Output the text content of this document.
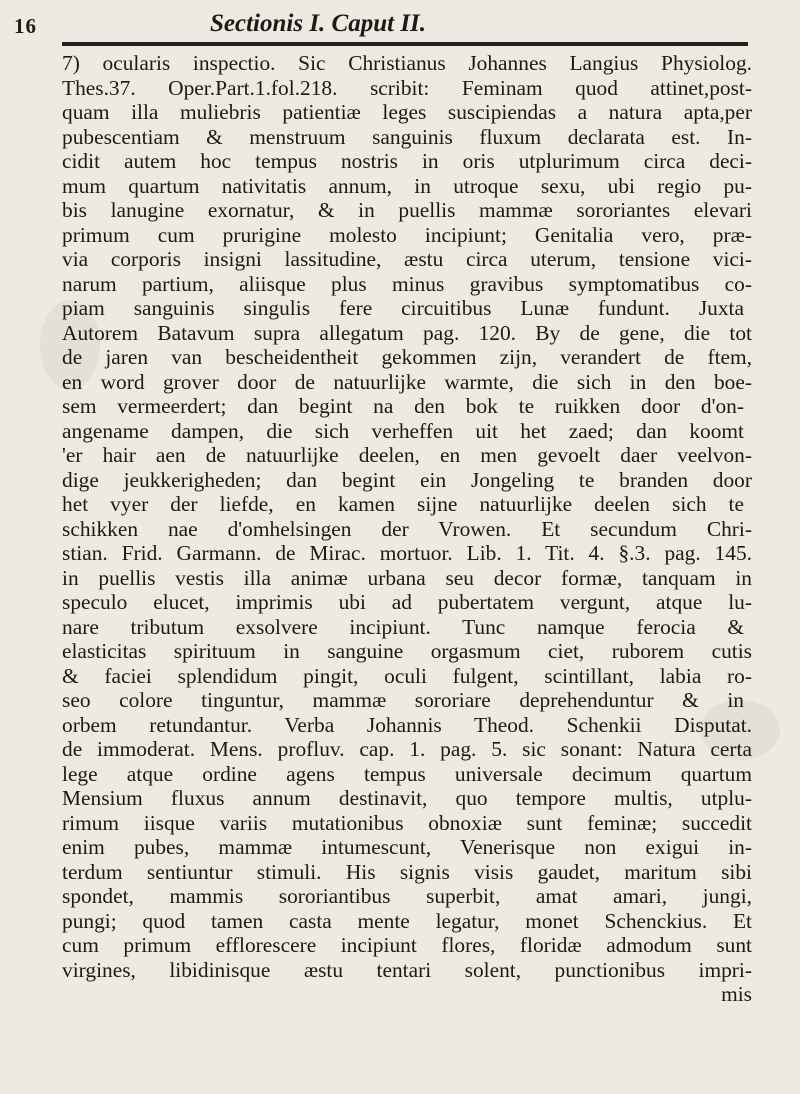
16	Sectionis I. Caput II.
7) ocularis inspectio. Sic Christianus Johannes Langius Physiolog.
Thes.37. Oper.Part.1.fol.218. scribit: Feminam quod attinet,post-
quam illa muliebris patientiæ leges suscipiendas a natura apta,per
pubescentiam & menstruum sanguinis fluxum declarata est. In-
cidit autem hoc tempus nostris in oris utplurimum circa deci-
mum quartum nativitatis annum, in utroque sexu, ubi regio pu-
bis lanugine exornatur, & in puellis mammæ sororiantes elevari
primum cum prurigine molesto incipiunt; Genitalia vero, præ-
via corporis insigni lassitudine, æstu circa uterum, tensione vici-
narum partium, aliisque plus minus gravibus symptomatibus co-
piam sanguinis singulis fere circuitibus Lunæ fundunt. Juxta
Autorem Batavum supra allegatum pag. 120. By de gene, die tot
de jaren van bescheidentheit gekommen zijn, verandert de ftem,
en word grover door de natuurlijke warmte, die sich in den boe-
sem vermeerdert; dan begint na den bok te ruikken door d'on-
angename dampen, die sich verheffen uit het zaed; dan koomt
'er hair aen de natuurlijke deelen, en men gevoelt daer veelvon-
dige jeukkerigheden; dan begint ein Jongeling te branden door
het vyer der liefde, en kamen sijne natuurlijke deelen sich te
schikken nae d'omhelsingen der Vrowen. Et secundum Chri-
stian. Frid. Garmann. de Mirac. mortuor. Lib. 1. Tit. 4. §.3. pag. 145.
in puellis vestis illa animæ urbana seu decor formæ, tanquam in
speculo elucet, imprimis ubi ad pubertatem vergunt, atque lu-
nare tributum exsolvere incipiunt. Tunc namque ferocia &
elasticitas spirituum in sanguine orgasmum ciet, ruborem cutis
& faciei splendidum pingit, oculi fulgent, scintillant, labia ro-
seo colore tinguntur, mammæ sororiare deprehenduntur & in
orbem retundantur. Verba Johannis Theod. Schenkii Disputat.
de immoderat. Mens. profluv. cap. 1. pag. 5. sic sonant: Natura certa
lege atque ordine agens tempus universale decimum quartum
Mensium fluxus annum destinavit, quo tempore multis, utplu-
rimum iisque variis mutationibus obnoxiæ sunt feminæ; succedit
enim pubes, mammæ intumescunt, Venerisque non exigui in-
terdum sentiuntur stimuli. His signis visis gaudet, maritum sibi
spondet, mammis sororiantibus superbit, amat amari, jungi,
pungi; quod tamen casta mente legatur, monet Schenckius. Et
cum primum efflorescere incipiunt flores, floridæ admodum sunt
virgines, libidinisque æstu tentari solent, punctionibus impri-
mis
